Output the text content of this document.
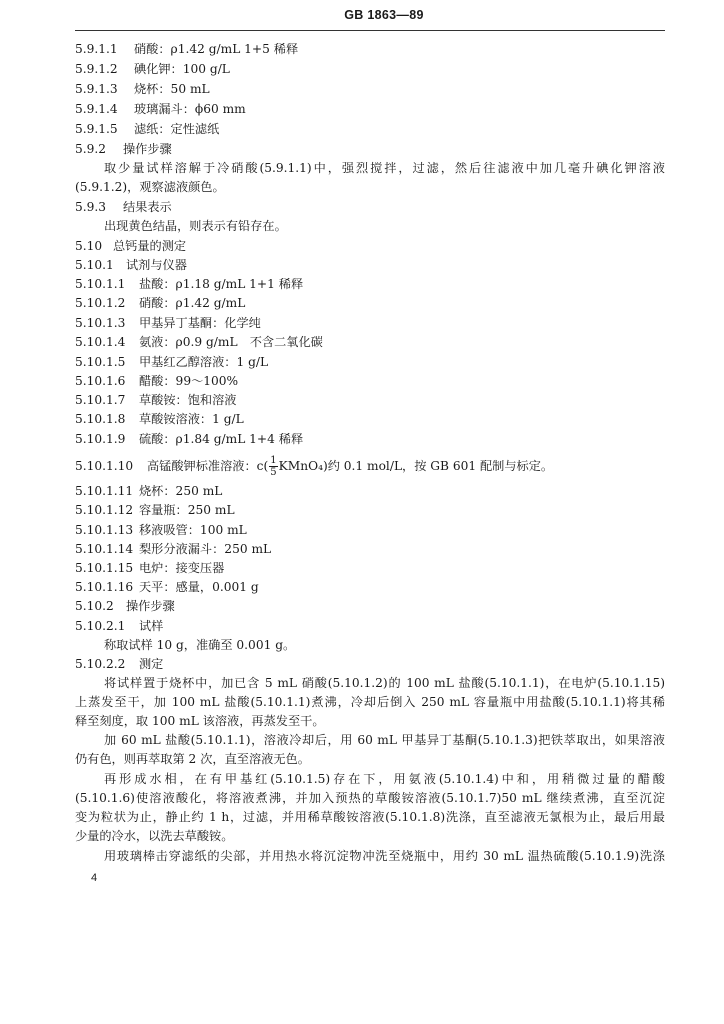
GB 1863—89
5.9.1.1 硝酸：ρ1.42 g/mL 1+5 稀释
5.9.1.2 碘化钾：100 g/L
5.9.1.3 烧杯：50 mL
5.9.1.4 玻璃漏斗：ϕ60 mm
5.9.1.5 滤纸：定性滤纸
5.9.2 操作步骤
取少量试样溶解于冷硝酸(5.9.1.1)中，强烈搅拌，过滤，然后往滤液中加几毫升碘化钾溶液
(5.9.1.2)，观察滤液颜色。
5.9.3 结果表示
出现黄色结晶，则表示有铅存在。
5.10 总钙量的测定
5.10.1 试剂与仪器
5.10.1.1 盐酸：ρ1.18 g/mL 1+1 稀释
5.10.1.2 硝酸：ρ1.42 g/mL
5.10.1.3 甲基异丁基酮：化学纯
5.10.1.4 氨液：ρ0.9 g/mL　不含二氧化碳
5.10.1.5 甲基红乙醇溶液：1 g/L
5.10.1.6 醋酸：99～100%
5.10.1.7 草酸铵：饱和溶液
5.10.1.8 草酸铵溶液：1 g/L
5.10.1.9 硫酸：ρ1.84 g/mL 1+4 稀释
5.10.1.10 高锰酸钾标准溶液：$c( \frac{1}{5}$ KMnO₄)约 0.1 mol/L，按 GB 601 配制与标定。
5.10.1.11 烧杯：250 mL
5.10.1.12 容量瓶：250 mL
5.10.1.13 移液吸管：100 mL
5.10.1.14 梨形分液漏斗：250 mL
5.10.1.15 电炉：接变压器
5.10.1.16 天平：感量，0.001 g
5.10.2 操作步骤
5.10.2.1 试样
称取试样 10 g，准确至 0.001 g。
5.10.2.2 测定
将试样置于烧杯中，加已含 5 mL 硝酸(5.10.1.2)的 100 mL 盐酸(5.10.1.1)，在电炉(5.10.1.15)
上蒸发至干，加 100 mL 盐酸(5.10.1.1)煮沸，冷却后倒入 250 mL 容量瓶中用盐酸(5.10.1.1)将其稀
释至刻度，取 100 mL 该溶液，再蒸发至干。
加 60 mL 盐酸(5.10.1.1)，溶液冷却后，用 60 mL 甲基异丁基酮(5.10.1.3)把铁萃取出，如果溶液
仍有色，则再萃取第 2 次，直至溶液无色。
再形成水相，在有甲基红(5.10.1.5)存在下，用氨液(5.10.1.4)中和，用稍微过量的醋酸
(5.10.1.6)使溶液酸化，将溶液煮沸，并加入预热的草酸铵溶液(5.10.1.7)50 mL 继续煮沸，直至沉淀
变为粒状为止，静止约 1 h，过滤，并用稀草酸铵溶液(5.10.1.8)洗涤，直至滤液无氯根为止，最后用最
少量的冷水，以洗去草酸铵。
用玻璃棒击穿滤纸的尖部，并用热水将沉淀物冲洗至烧瓶中，用约 30 mL 温热硫酸(5.10.1.9)洗涤
4
